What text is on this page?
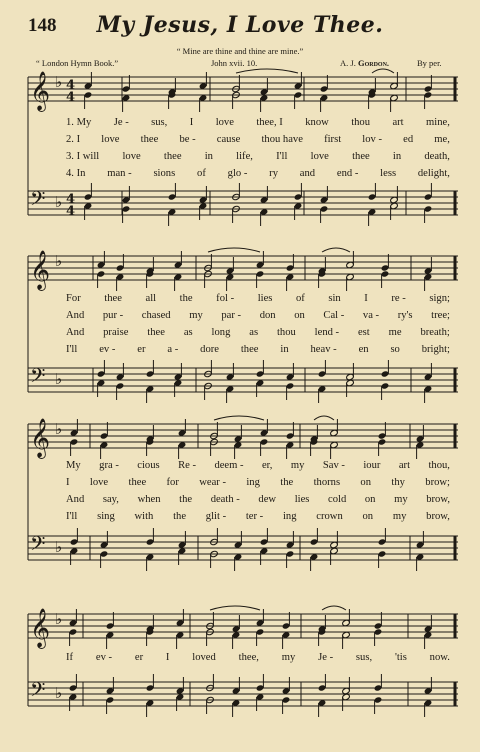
148	My Jesus, I Love Thee.
“ Mine are thine and thine are mine.”
“ London Hymn Book.”	John xvii. 10.	A. J. Gordon.	By per.
𝄞 ♭ 4
4
𝄢 ♭ 4
4
𝄞 ♭
𝄢 ♭
𝄞 ♭
𝄢 ♭
𝄞 ♭
𝄢 ♭
1. My Je - sus, I love thee, I know thou art mine,
2. I love thee be - cause thou have first lov - ed me,
3. I will love thee in life, I'll love thee in death,
4. In man - sions of glo - ry and end - less delight,
For thee all the fol - lies of sin I re - sign;
And pur - chased my par - don on Cal - va - ry's tree;
And praise thee as long as thou lend - est me breath;
I'll ev - er a - dore thee in heav - en so bright;
My gra - cious Re - deem - er, my Sav - iour art thou,
I love thee for wear - ing the thorns on thy brow;
And say, when the death - dew lies cold on my brow,
I'll sing with the glit - ter - ing crown on my brow,
If ev - er I loved thee, my Je - sus, 'tis now.
